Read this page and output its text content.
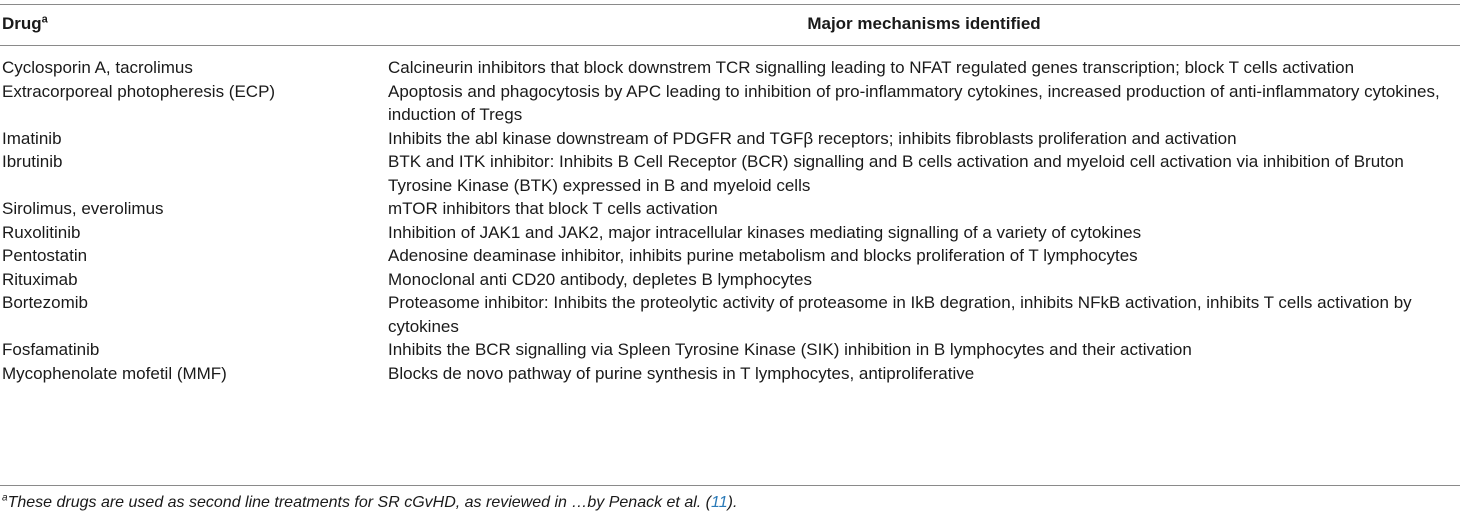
Drug$^a$	Major mechanisms identified
Cyclosporin A, tacrolimus	Calcineurin inhibitors that block downstrem TCR signalling leading to NFAT regulated genes transcription; block T cells activation
Extracorporeal photopheresis (ECP)	Apoptosis and phagocytosis by APC leading to inhibition of pro-inflammatory cytokines, increased production of anti-inflammatory cytokines, induction of Tregs
Imatinib	Inhibits the abl kinase downstream of PDGFR and TGFβ receptors; inhibits fibroblasts proliferation and activation
Ibrutinib	BTK and ITK inhibitor: Inhibits B Cell Receptor (BCR) signalling and B cells activation and myeloid cell activation via inhibition of Bruton Tyrosine Kinase (BTK) expressed in B and myeloid cells
Sirolimus, everolimus	mTOR inhibitors that block T cells activation
Ruxolitinib	Inhibition of JAK1 and JAK2, major intracellular kinases mediating signalling of a variety of cytokines
Pentostatin	Adenosine deaminase inhibitor, inhibits purine metabolism and blocks proliferation of T lymphocytes
Rituximab	Monoclonal anti CD20 antibody, depletes B lymphocytes
Bortezomib	Proteasome inhibitor: Inhibits the proteolytic activity of proteasome in IkB degration, inhibits NFkB activation, inhibits T cells activation by cytokines
Fosfamatinib	Inhibits the BCR signalling via Spleen Tyrosine Kinase (SIK) inhibition in B lymphocytes and their activation
Mycophenolate mofetil (MMF)	Blocks de novo pathway of purine synthesis in T lymphocytes, antiproliferative
$^a$These drugs are used as second line treatments for SR cGvHD, as reviewed in …by Penack et al. (11).
